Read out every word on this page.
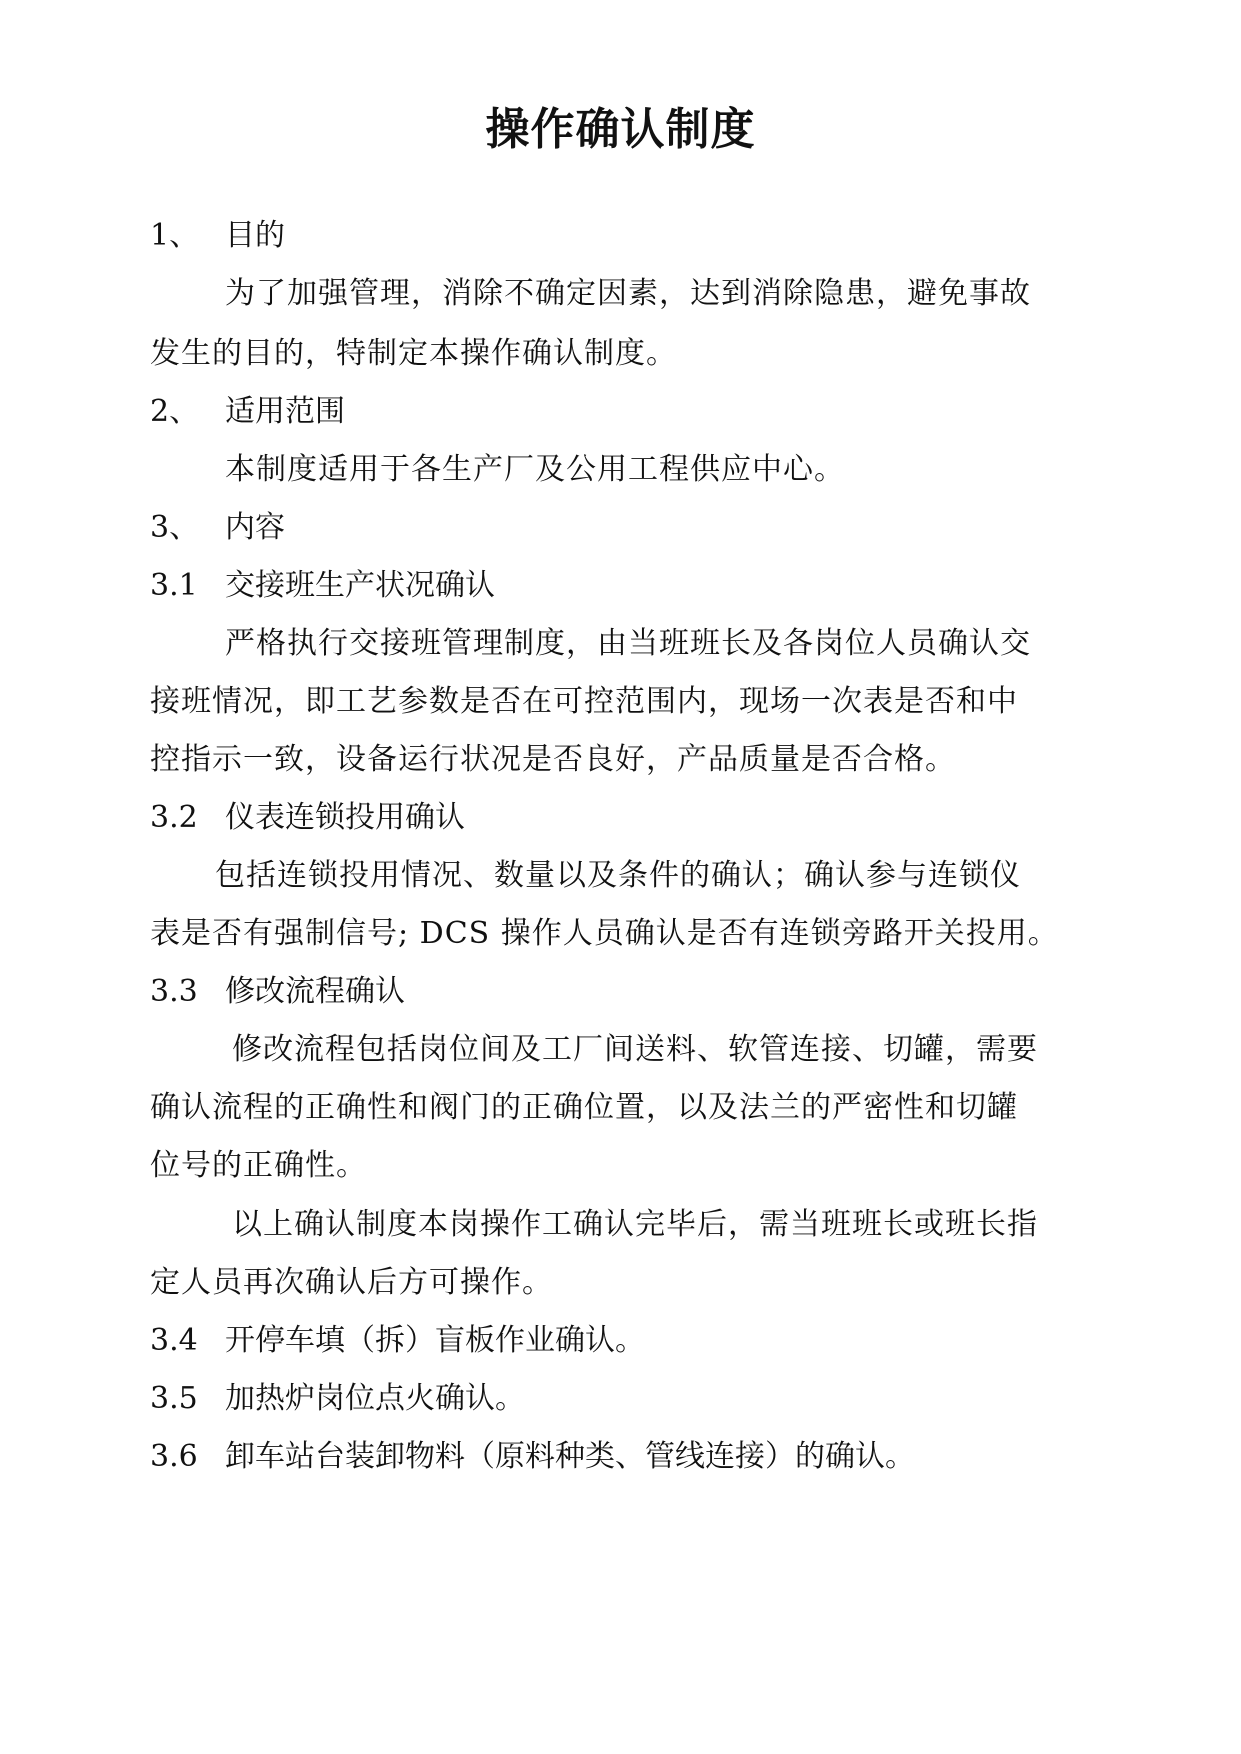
操作确认制度
1、 目的
为了加强管理，消除不确定因素，达到消除隐患，避免事故
发生的目的，特制定本操作确认制度。
2、 适用范围
本制度适用于各生产厂及公用工程供应中心。
3、 内容
3.1 交接班生产状况确认
严格执行交接班管理制度，由当班班长及各岗位人员确认交
接班情况，即工艺参数是否在可控范围内，现场一次表是否和中
控指示一致，设备运行状况是否良好，产品质量是否合格。
3.2 仪表连锁投用确认
包括连锁投用情况、数量以及条件的确认；确认参与连锁仪
表是否有强制信号; DCS 操作人员确认是否有连锁旁路开关投用。
3.3 修改流程确认
修改流程包括岗位间及工厂间送料、软管连接、切罐，需要
确认流程的正确性和阀门的正确位置，以及法兰的严密性和切罐
位号的正确性。
以上确认制度本岗操作工确认完毕后，需当班班长或班长指
定人员再次确认后方可操作。
3.4 开停车填（拆）盲板作业确认。
3.5 加热炉岗位点火确认。
3.6 卸车站台装卸物料（原料种类、管线连接）的确认。
